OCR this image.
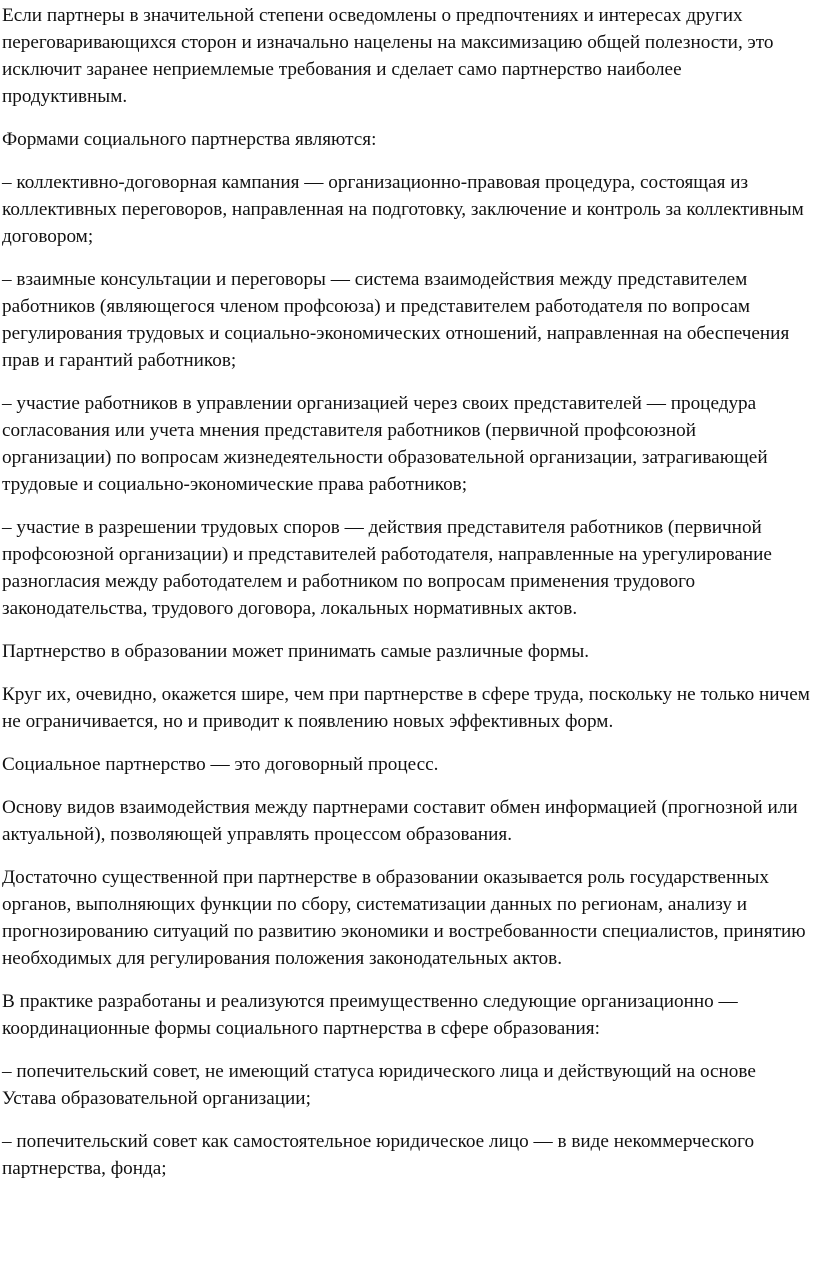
Если партнеры в значительной степени осведомлены о предпочтениях и интересах других переговаривающихся сторон и изначально нацелены на максимизацию общей полезности, это исключит заранее неприемлемые требования и сделает само партнерство наиболее продуктивным.

Формами социального партнерства являются:

– коллективно-договорная кампания — организационно-правовая процедура, состоящая из коллективных переговоров, направленная на подготовку, заключение и контроль за коллективным договором;

– взаимные консультации и переговоры — система взаимодействия между представителем работников (являющегося членом профсоюза) и представителем работодателя по вопросам регулирования трудовых и социально-экономических отношений, направленная на обеспечения прав и гарантий работников;

– участие работников в управлении организацией через своих представителей — процедура согласования или учета мнения представителя работников (первичной профсоюзной организации) по вопросам жизнедеятельности образовательной организации, затрагивающей трудовые и социально-экономические права работников;

– участие в разрешении трудовых споров — действия представителя работников (первичной профсоюзной организации) и представителей работодателя, направленные на урегулирование разногласия между работодателем и работником по вопросам применения трудового законодательства, трудового договора, локальных нормативных актов.

Партнерство в образовании может принимать самые различные формы.

Круг их, очевидно, окажется шире, чем при партнерстве в сфере труда, поскольку не только ничем не ограничивается, но и приводит к появлению новых эффективных форм.

Социальное партнерство — это договорный процесс.

Основу видов взаимодействия между партнерами составит обмен информацией (прогнозной или актуальной), позволяющей управлять процессом образования.

Достаточно существенной при партнерстве в образовании оказывается роль государственных органов, выполняющих функции по сбору, систематизации данных по регионам, анализу и прогнозированию ситуаций по развитию экономики и востребованности специалистов, принятию необходимых для регулирования положения законодательных актов.

В практике разработаны и реализуются преимущественно следующие организационно — координационные формы социального партнерства в сфере образования:

– попечительский совет, не имеющий статуса юридического лица и действующий на основе Устава образовательной организации;

– попечительский совет как самостоятельное юридическое лицо — в виде некоммерческого партнерства, фонда;
